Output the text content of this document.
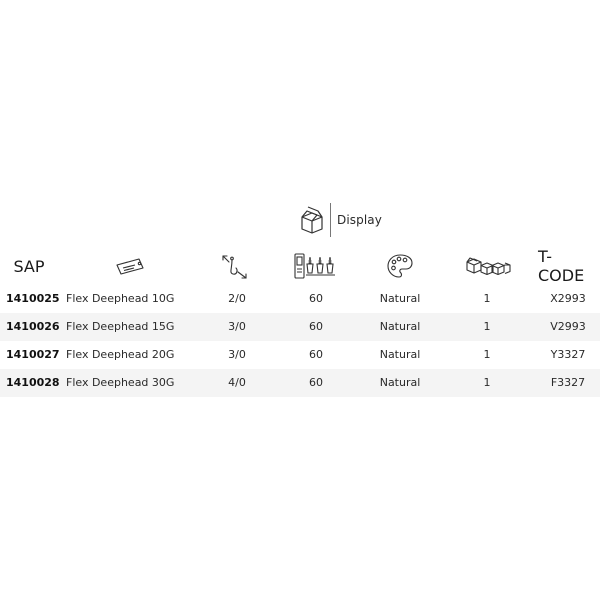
Display
SAP	T-CODE
1410025 Flex Deephead 10G	2/0	60	Natural	1	X2993
1410026 Flex Deephead 15G	3/0	60	Natural	1	V2993
1410027 Flex Deephead 20G	3/0	60	Natural	1	Y3327
1410028 Flex Deephead 30G	4/0	60	Natural	1	F3327
